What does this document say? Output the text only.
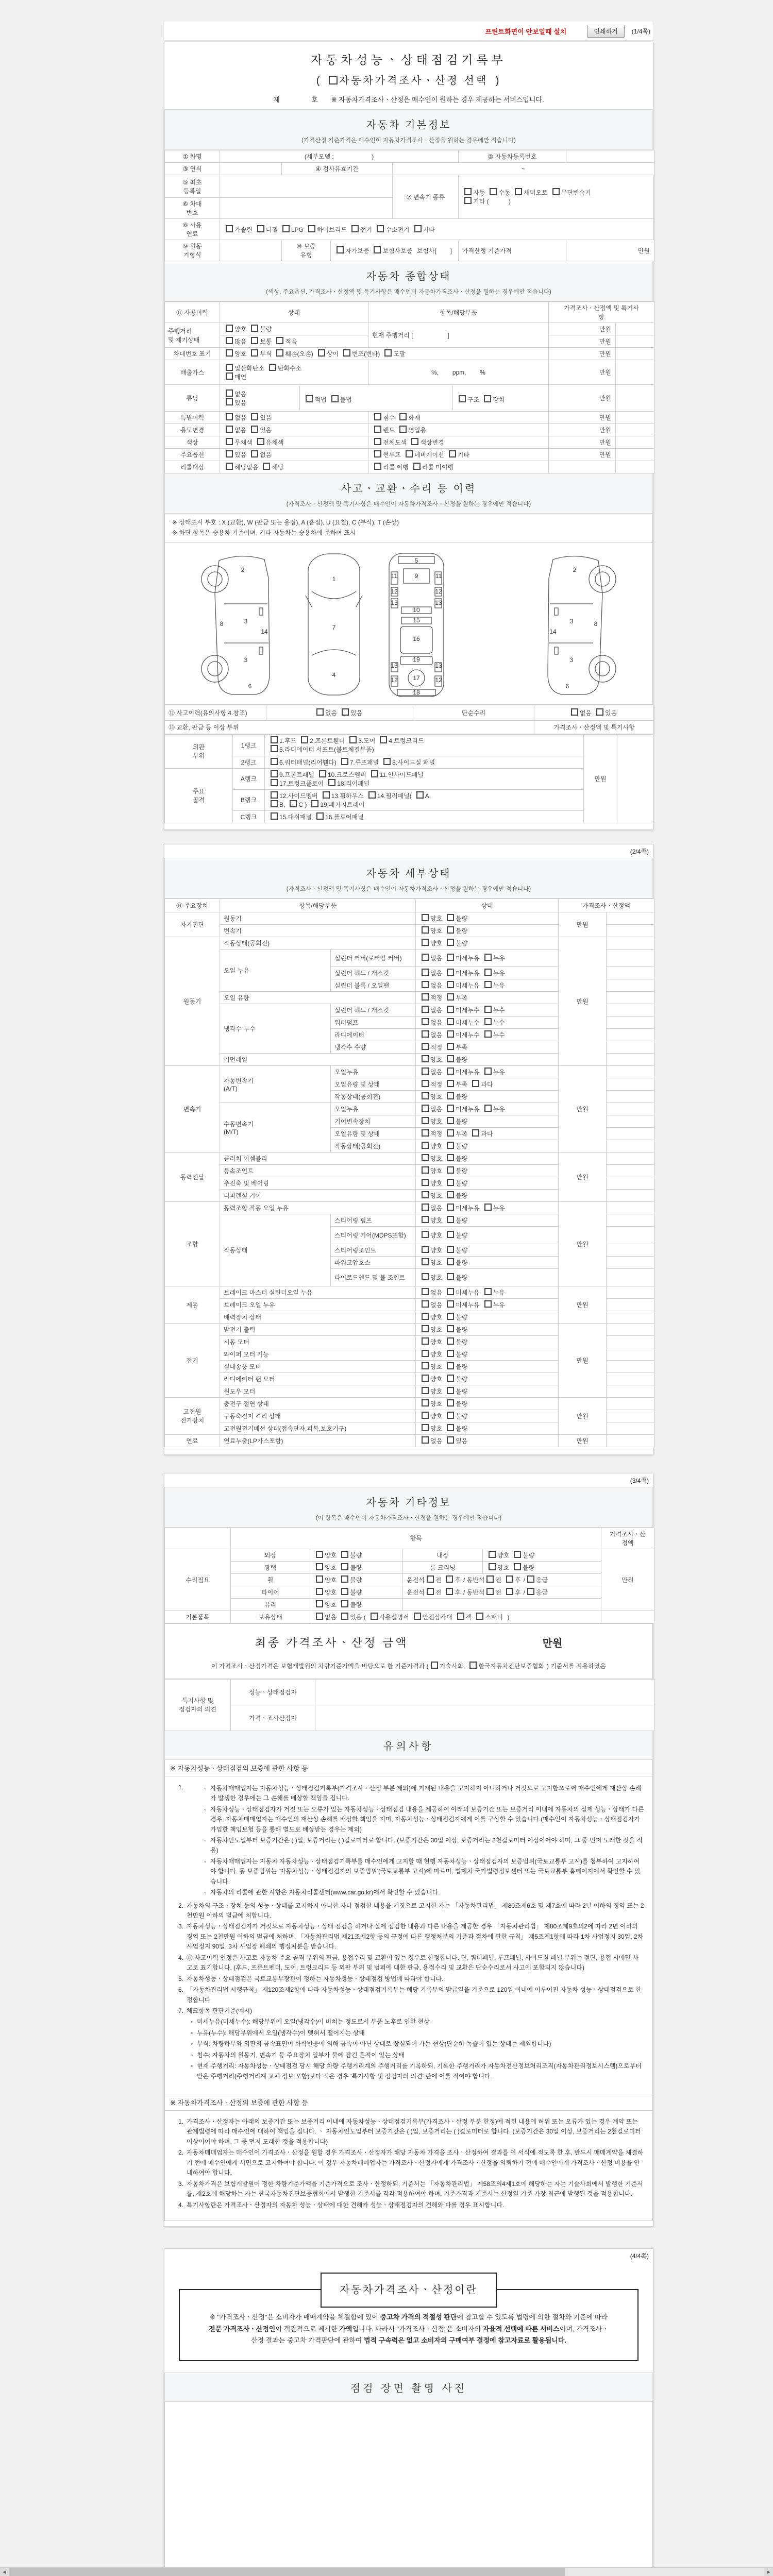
프린트화면이 안보일때 설치	인쇄하기	(1/4쪽)
자동차성능ㆍ상태점검기록부
( 자동차가격조사ㆍ산정 선택 )
제                 호 ※ 자동차가격조사ㆍ산정은 매수인이 원하는 경우 제공하는 서비스입니다.
자동차 기본정보
(가격산정 기준가격은 매수인이 자동차가격조사ㆍ산정을 원하는 경우에만 적습니다)
① 차명	(세부모델 :                      )				② 자동차등록번호	
③ 연식		④ 검사유효기간		~		
⑤ 최초
등록일				⑦ 변속기 종류	자동 수동 세미오토 무단변속기
기타 (          )	
⑥ 차대
번호						
⑧ 사용
연료	가솔린 디젤 LPG 하이브리드 전기 수소전기 기타					
⑨ 원동
기형식		⑩ 보증
유형	자가보증 보험사보증 보험사[        ]		가격산정 기준가격	만원
자동차 종합상태
(색상, 주요옵션, 가격조사ㆍ산정액 및 특기사항은 매수인이 자동차가격조사ㆍ산정을 원하는 경우에만 적습니다)
⑪ 사용이력	상태	항목/해당부품	가격조사ㆍ산정액 및 특기사
항	
주행거리
및 계기상태	양호 불량	현재 주행거리 [                    ]	만원	
	많음 보통 적음		만원	
차대번호 표기	양호 부식 훼손(오손) 상이 변조(변타) 도말		만원	
배출가스	일산화탄소 탄화수소
매연	%,        ppm,        %	만원	
튜닝	없음
있음 적법 불법 구조 장치		만원	
특별이력	없음 있음	침수 화재	만원	
용도변경	없음 있음	렌트 영업용	만원	
색상	무채색 유채색	전체도색 색상변경	만원	
주요옵션	있음 없음	썬루프 네비게이션 기타	만원	
리콜대상	해당없음 해당	리콜 이행 리콜 미이행		
사고ㆍ교환ㆍ수리 등 이력
(가격조사ㆍ산정액 및 특기사항은 매수인이 자동차가격조사ㆍ산정을 원하는 경우에만 적습니다)
※ 상태표시 부호 : X (교환), W (판금 또는 용접), A (흠집), U (요철), C (부식), T (손상)
※ 하단 항목은 승용차 기준이며, 기타 자동차는 승용차에 준하여 표시
2
3
14
3
8
6
1
7
4
5
11	9	11
12	12
13	13
10
15
16
19
13	13
17
12	12
18
2
3
14
3
8
6
⑫ 사고이력(유의사항 4.참조)	없음 있음	단순수리	없음 있음
⑬ 교환, 판금 등 이상 부위			가격조사ㆍ산정액 및 특기사항
외판
부위	1랭크	1.후드 2.프론트휀더 3.도어 4.트렁크리드
5.라디에이터 서포트(볼트체결부품)	만원	
	2랭크	6.쿼터패널(리어휀다) 7.루프패널 8.사이드실 패널		
주요
골격	A랭크	9.프론트패널 10.크로스멤버 11.인사이드패널
17.트렁크플로어 18.리어패널		
	B랭크	12.사이드멤버 13.휠하우스 14.필러패널( A,
B, C ) 19.패키지트레이		
	C랭크	15.대쉬패널 16.플로어패널		
(2/4쪽)
자동차 세부상태
(가격조사ㆍ산정액 및 특기사항은 매수인이 자동차가격조사ㆍ산정을 원하는 경우에만 적습니다)
⑭ 주요장치	항목/해당부품		상태	가격조사ㆍ산정액	
자기진단	원동기		양호 불량	만원	
	변속기		양호 불량		
원동기	작동상태(공회전)		양호 불량	만원	
	오일 누유	실린더 커버(로커암 커버)	없음 미세누유 누유		
		실린더 헤드 / 개스킷	없음 미세누유 누유		
		실린더 블록 / 오일팬	없음 미세누유 누유		
	오일 유량		적정 부족		
	냉각수 누수	실린더 헤드 / 개스킷	없음 미세누수 누수		
		워터펌프	없음 미세누수 누수		
		라디에이터	없음 미세누수 누수		
		냉각수 수량	적정 부족		
	커먼레일		양호 불량		
변속기	자동변속기
(A/T)	오일누유	없음 미세누유 누유	만원	
		오일유량 및 상태	적정 부족 과다		
		작동상태(공회전)	양호 불량		
	수동변속기
(M/T)	오일누유	없음 미세누유 누유		
		기어변속장치	양호 불량		
		오일유량 및 상태	적정 부족 과다		
		작동상태(공회전)	양호 불량		
동력전달	클러치 어셈블리		양호 불량	만원	
	등속조인트		양호 불량		
	추진축 및 베어링		양호 불량		
	디퍼렌셜 기어		양호 불량		
조향	동력조향 작동 오일 누유		없음 미세누유 누유	만원	
	작동상태	스티어링 펌프	양호 불량		
		스티어링 기어(MDPS포함)	양호 불량		
		스티어링조인트	양호 불량		
		파워고압호스	양호 불량		
		타이로드엔드 및 볼 조인트	양호 불량		
제동	브레이크 마스터 실린더오일 누유		없음 미세누유 누유	만원	
	브레이크 오일 누유		없음 미세누유 누유		
	배력장치 상태		양호 불량		
전기	발전기 출력		양호 불량	만원	
	시동 모터		양호 불량		
	와이퍼 모터 기능		양호 불량		
	실내송풍 모터		양호 불량		
	라디에이터 팬 모터		양호 불량		
	윈도우 모터		양호 불량		
고전원
전기장치	충전구 절연 상태		양호 불량	만원	
	구동축전지 격리 상태		양호 불량		
	고전원전기배선 상태(접속단자,피복,보호기구)		양호 불량		
연료	연료누출(LP가스포함)		없음 있음	만원	
(3/4쪽)
자동차 기타정보
(이 항목은 매수인이 자동차가격조사ㆍ산정을 원하는 경우에만 적습니다)
	항목				가격조사ㆍ산
정액
수리필요	외장	양호 불량	내장	양호 불량	만원
	광택	양호 불량	룸 크리닝	양호 불량	
	휠	양호 불량	운전석 전 후 / 동반석 전 후 / 응급		
	타이어	양호 불량	운전석 전 후 / 동반석 전 후 / 응급		
	유리	양호 불량			
기본품목	보유상태	없음 있음 ( 사용설명서 안전삼각대 잭 스패너 )			
최종 가격조사ㆍ산정 금액	만원
이 가격조사ㆍ산정가격은 보험개발원의 차량기준가액을 바탕으로 한 기준가격과 ( 기술사회, 한국자동차진단보증협회 ) 기준서를 적용하였음
특기사항 및
점검자의 의견	성능ㆍ상태점검자	
	가격ㆍ조사산정자	
유의사항
※ 자동차성능ㆍ상태점검의 보증에 관한 사항 등
1.	◦ 자동차매매업자는 자동차성능ㆍ상태점검기록부(가격조사ㆍ산정 부분 제외)에 기재된 내용을 고지하지 아니하거나 거짓으로 고지함으로써 매수인에게 재산상 손해가 발생한 경우에는 그 손해를 배상할 책임을 집니다.
◦ 자동차성능ㆍ상태점검자가 거짓 또는 오류가 있는 자동차성능ㆍ상태점검 내용을 제공하여 아래의 보증기간 또는 보증거리 이내에 자동차의 실제 성능ㆍ상태가 다른 경우, 자동차매매업자는 매수인의 재산상 손해를 배상할 책임을 지며, 자동차성능ㆍ상태점검자에게 이를 구상할 수 있습니다.(매수인이 자동차성능ㆍ상태점검자가 가입한 책임보험 등을 통해 별도로 배상받는 경우는 제외)
◦ 자동차인도일부터 보증기간은 ( )일, 보증거리는 ( )킬로미터로 합니다. (보증기간은 30일 이상, 보증거리는 2천킬로미터 이상이어야 하며, 그 중 먼저 도래한 것을 적용)
◦ 자동차매매업자는 자동차 자동차성능ㆍ상태점검기록부를 매수인에게 고지할 때 현행 자동차성능ㆍ상태점검자의 보증범위(국토교통부 고시)를 첨부하여 고지하여야 합니다. 동 보증범위는 '자동차성능ㆍ상태점검자의 보증범위'(국토교통부 고시)에 따르며, 법제처 국가법령정보센터 또는 국토교통부 홈페이지에서 확인할 수 있습니다.
◦ 자동차의 리콜에 관한 사항은 자동차리콜센터(www.car.go.kr)에서 확인할 수 있습니다.
2. 자동차의 구조ㆍ장치 등의 성능ㆍ상태를 고지하지 아니한 자나 점검한 내용을 거짓으로 고지한 자는 「자동차관리법」 제80조제6호 및 제7호에 따라 2년 이하의 징역 또는 2천만원 이하의 벌금에 처합니다.
3. 자동차성능ㆍ상태점검자가 거짓으로 자동차성능ㆍ상태 점검을 하거나 실제 점검한 내용과 다른 내용을 제공한 경우 「자동차관리법」 제80조제9호의2에 따라 2년 이하의 징역 또는 2천만원 이하의 벌금에 처하며, 「자동차관리법 제21조제2항 등의 규정에 따른 행정처분의 기준과 절차에 관한 규칙」 제5조제1항에 따라 1차 사업정지 30일, 2차 사업정지 90일, 3차 사업장 폐쇄의 행정처분을 받습니다.
4. ⑫ 사고이력 인정은 사고로 자동차 주요 골격 부위의 판금, 용접수리 및 교환이 있는 경우로 한정합니다. 단, 쿼터패널, 루프패널, 사이드실 패널 부위는 절단, 용접 시에만 사고로 표기합니다. (후드, 프론트펜더, 도어, 트렁크리드 등 외판 부위 및 범퍼에 대한 판금, 용접수리 및 교환은 단순수리로서 사고에 포함되지 않습니다)
5. 자동차성능ㆍ상태점검은 국토교통부장관이 정하는 자동차성능ㆍ상태점검 방법에 따라야 합니다.
6. 「자동차관리법 시행규칙」 제120조제2항에 따라 자동차성능ㆍ상태점검기록부는 해당 기록부의 발급일을 기준으로 120일 이내에 이루어진 자동차 성능ㆍ상태점검으로 한정합니다
7. 체크항목 판단기준(예시)
◦ 미세누유(미세누수): 해당부위에 오일(냉각수)이 비치는 정도로서 부품 노후로 인한 현상
◦ 누유(누수): 해당부위에서 오일(냉각수)이 맺혀서 떨어지는 상태
◦ 부식: 차량하부와 외판의 금속표면이 화학반응에 의해 금속이 아닌 상태로 상실되어 가는 현상(단순히 녹슬어 있는 상태는 제외합니다)
◦ 침수: 자동차의 원동기, 변속기 등 주요장치 일부가 물에 잠긴 흔적이 있는 상태
◦ 현재 주행거리: 자동차성능ㆍ상태점검 당시 해당 차량 주행거리계의 주행거리를 기록하되, 기록한 주행거리가 자동차전산정보처리조직(자동차관리정보시스템)으로부터 받은 주행거리(주행거리계 교체 정보 포함)보다 적은 경우 '특기사항 및 점검자의 의견' 란에 이를 적어야 합니다.
※ 자동차가격조사ㆍ산정의 보증에 관한 사항 등
1. 가격조사ㆍ산정자는 아래의 보증기간 또는 보증거리 이내에 자동차성능ㆍ상태점검기록부(가격조사ㆍ산정 부분 한정)에 적힌 내용에 허위 또는 오류가 있는 경우 계약 또는 관계법령에 따라 매수인에 대하여 책임을 집니다. ㆍ 자동차인도일부터 보증기간은 ( )일, 보증거리는 ( )킬로미터로 합니다. (보증기간은 30일 이상, 보증거리는 2천킬로미터 이상이어야 하며, 그 중 먼저 도래한 것을 적용합니다)
2. 자동차매매업자는 매수인이 가격조사ㆍ산정을 원할 경우 가격조사ㆍ산정자가 해당 자동차 가격을 조사ㆍ산정하여 결과를 이 서식에 적도록 한 후, 반드시 매매계약을 체결하기 전에 매수인에게 서면으로 고지하여야 합니다. 이 경우 자동차매매업자는 가격조사ㆍ산정자에게 가격조사ㆍ산정을 의뢰하기 전에 매수인에게 가격조사ㆍ산정 비용을 안내하여야 합니다.
3. 자동차가격은 보험개발원이 정한 차량기준가액을 기준가격으로 조사ㆍ산정하되, 기준서는 「자동차관리법」 제58조의4제1호에 해당하는 자는 기술사회에서 발행한 기준서를, 제2호에 해당하는 자는 한국자동차진단보증협회에서 발행한 기준서를 각각 적용하여야 하며, 기준가격과 기준서는 산정일 기준 가장 최근에 발행된 것을 적용합니다.
4. 특기사항란은 가격조사ㆍ산정자의 자동차 성능ㆍ상태에 대한 견해가 성능ㆍ상태점검자의 견해와 다를 경우 표시합니다.
(4/4쪽)
자동차가격조사ㆍ산정이란
※ "가격조사ㆍ산정"은 소비자가 매매계약을 체결함에 있어 중고차 가격의 적절성 판단에 참고할 수 있도록 법령에 의한 절차와 기준에 따라 전문 가격조사ㆍ산정인이 객관적으로 제시한 가액입니다. 따라서 "가격조사ㆍ산정"은 소비자의 자율적 선택에 따른 서비스이며, 가격조사ㆍ산정 결과는 중고차 가격판단에 관하여 법적 구속력은 없고 소비자의 구매여부 결정에 참고자료로 활용됩니다.
점검 장면 촬영 사진
◀	▶
